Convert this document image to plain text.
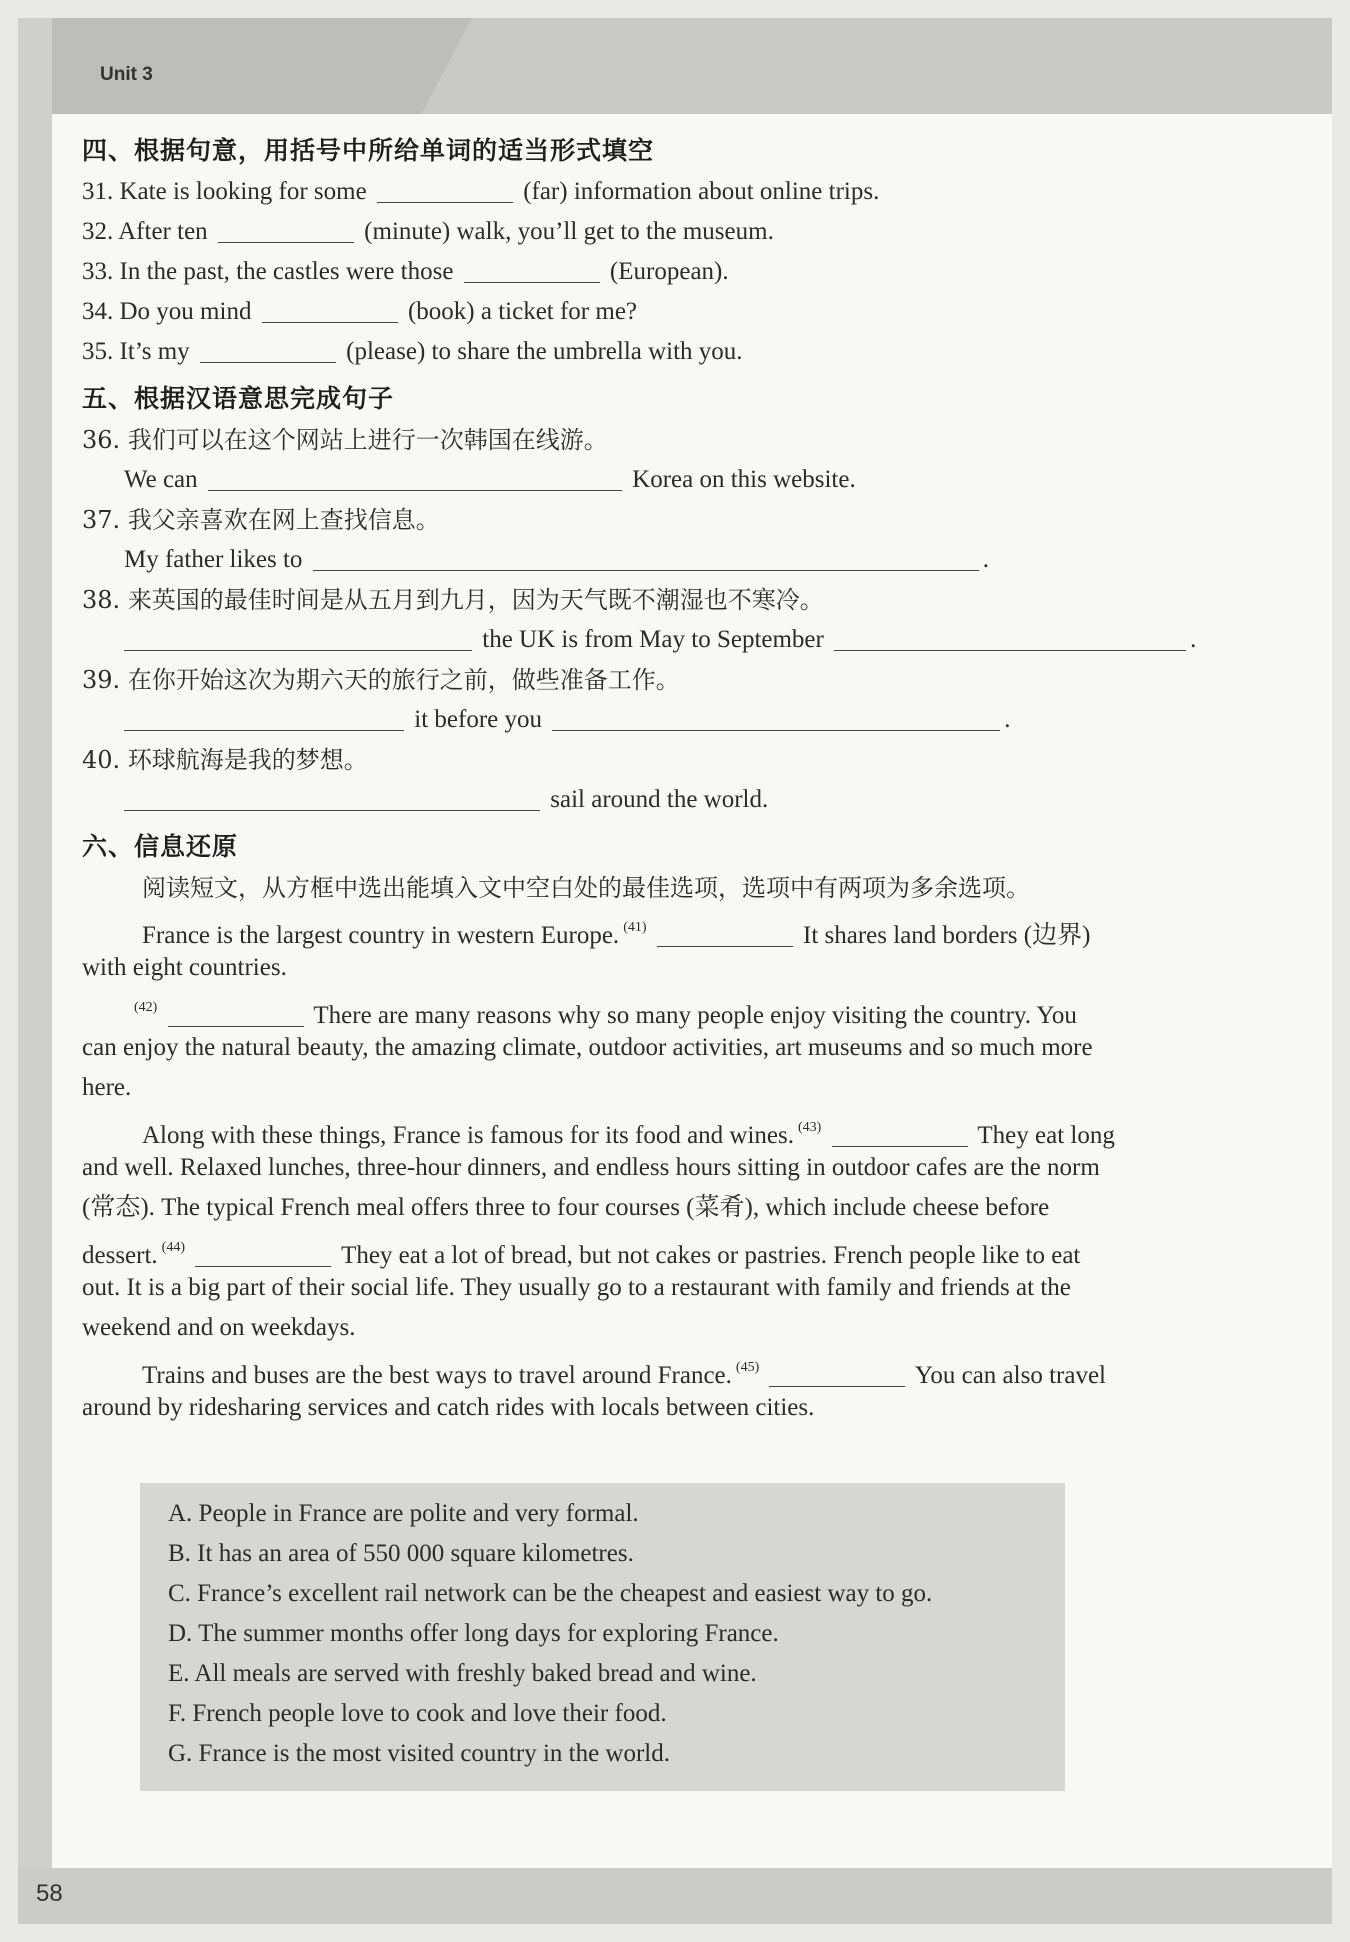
Unit 3
四、根据句意，用括号中所给单词的适当形式填空
31. Kate is looking for some	(far) information about online trips.
32. After ten	(minute) walk, you’ll get to the museum.
33. In the past, the castles were those	(European).
34. Do you mind	(book) a ticket for me?
35. It’s my	(please) to share the umbrella with you.
五、根据汉语意思完成句子
36. 我们可以在这个网站上进行一次韩国在线游。
We can	Korea on this website.
37. 我父亲喜欢在网上查找信息。
My father likes to	.
38. 来英国的最佳时间是从五月到九月，因为天气既不潮湿也不寒冷。
the UK is from May to September	.
39. 在你开始这次为期六天的旅行之前，做些准备工作。
it before you	.
40. 环球航海是我的梦想。
sail around the world.
六、信息还原
阅读短文，从方框中选出能填入文中空白处的最佳选项，选项中有两项为多余选项。
France is the largest country in western Europe. $^{(41)}$	It shares land borders (边界)
with eight countries.
$^{(42)}$	There are many reasons why so many people enjoy visiting the country. You
can enjoy the natural beauty, the amazing climate, outdoor activities, art museums and so much more
here.
Along with these things, France is famous for its food and wines. $^{(43)}$	They eat long
and well. Relaxed lunches, three-hour dinners, and endless hours sitting in outdoor cafes are the norm
(常态). The typical French meal offers three to four courses (菜肴), which include cheese before
dessert. $^{(44)}$	They eat a lot of bread, but not cakes or pastries. French people like to eat
out. It is a big part of their social life. They usually go to a restaurant with family and friends at the
weekend and on weekdays.
Trains and buses are the best ways to travel around France. $^{(45)}$	You can also travel
around by ridesharing services and catch rides with locals between cities.
A. People in France are polite and very formal.
B. It has an area of 550 000 square kilometres.
C. France’s excellent rail network can be the cheapest and easiest way to go.
D. The summer months offer long days for exploring France.
E. All meals are served with freshly baked bread and wine.
F. French people love to cook and love their food.
G. France is the most visited country in the world.
58
